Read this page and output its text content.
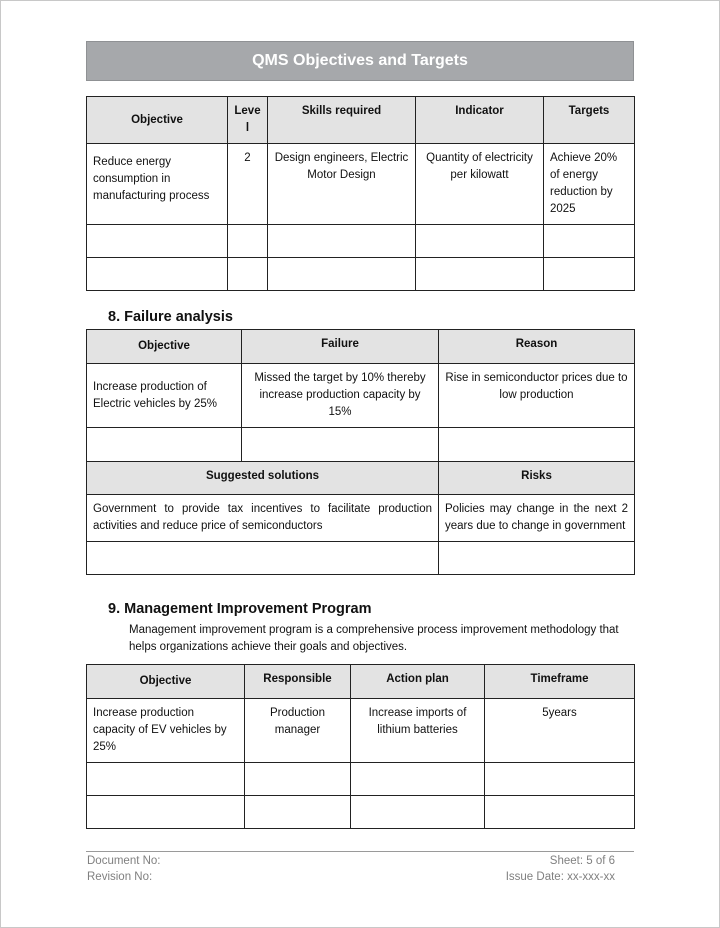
QMS Objectives and Targets
Objective	Level	Skills required	Indicator	Targets
Reduce energy consumption in manufacturing process	2	Design engineers, Electric Motor Design	Quantity of electricity per kilowatt	Achieve 20% of energy reduction by 2025

8. Failure analysis
Objective	Failure	Reason
Increase production of Electric vehicles by 25%	Missed the target by 10% thereby increase production capacity by 15%	Rise in semiconductor prices due to low production

Suggested solutions		Risks
Government to provide tax incentives to facilitate production activities and reduce price of semiconductors		Policies may change in the next 2 years due to change in government

9. Management Improvement Program
Management improvement program is a comprehensive process improvement methodology that helps organizations achieve their goals and objectives.
Objective	Responsible	Action plan	Timeframe
Increase production capacity of EV vehicles by 25%	Production manager	Increase imports of lithium batteries	5years

Document No:
Revision No:
Sheet: 5 of 6
Issue Date: xx-xxx-xx
